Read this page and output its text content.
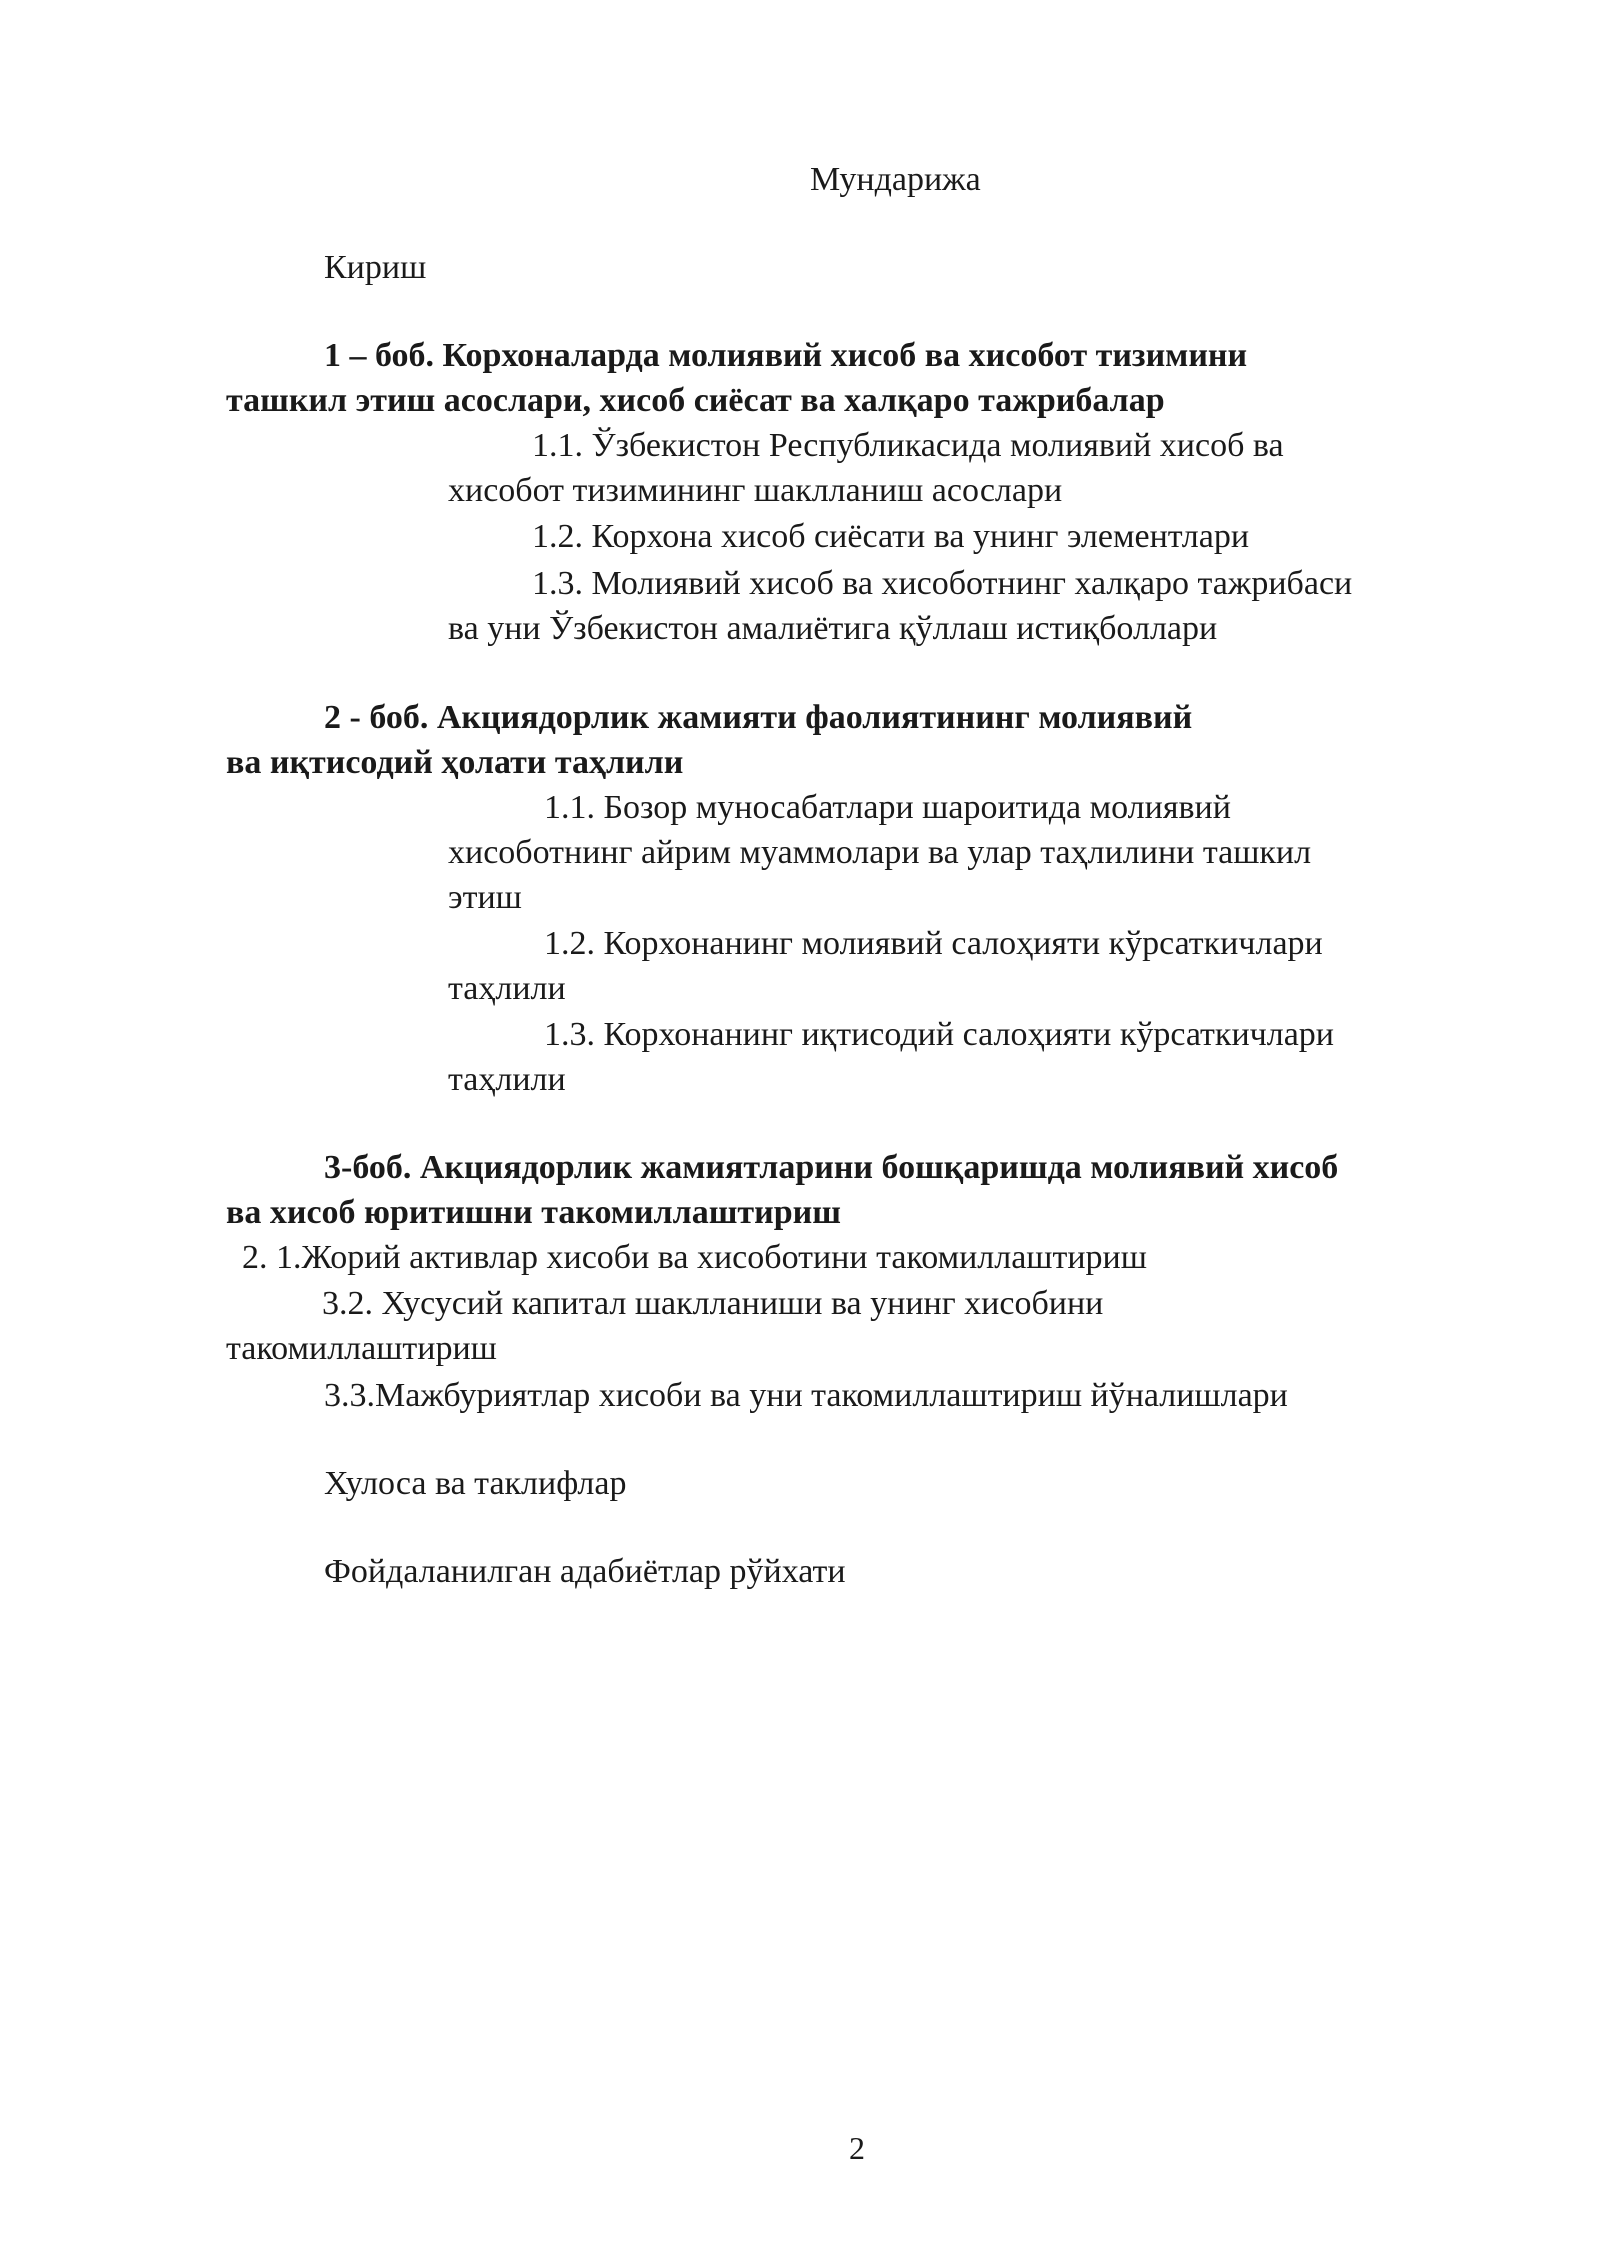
Мундарижа
Кириш
1 – боб. Корхоналарда молиявий хисоб ва хисобот тизимини
ташкил этиш асослари, хисоб сиёсат ва халқаро тажрибалар
1.1. Ўзбекистон Республикасида молиявий хисоб ва
хисобот тизимининг шаклланиш асослари
1.2. Корхона хисоб сиёсати ва унинг элементлари
1.3. Молиявий хисоб ва хисоботнинг халқаро тажрибаси
ва уни Ўзбекистон амалиётига қўллаш истиқболлари
2 - боб. Акциядорлик жамияти фаолиятининг молиявий
ва иқтисодий ҳолати таҳлили
1.1. Бозор муносабатлари шароитида молиявий
хисоботнинг айрим муаммолари ва улар таҳлилини ташкил
этиш
1.2. Корхонанинг молиявий салоҳияти кўрсаткичлари
таҳлили
1.3. Корхонанинг иқтисодий салоҳияти кўрсаткичлари
таҳлили
3-боб. Акциядорлик жамиятларини бошқаришда молиявий хисоб
ва хисоб юритишни такомиллаштириш
2. 1.Жорий активлар хисоби ва хисоботини такомиллаштириш
3.2. Хусусий капитал шаклланиши ва унинг хисобини
такомиллаштириш
3.3.Мажбуриятлар хисоби ва уни такомиллаштириш йўналишлари
Хулоса ва таклифлар
Фойдаланилган адабиётлар рўйхати
2
